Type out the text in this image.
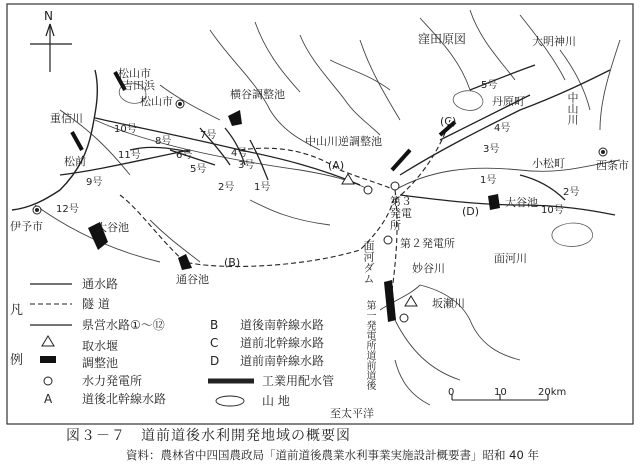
N
窪田原図
松山市
吉田浜
松山市
重信川
松前
伊予市	大谷池
通谷池
大谷池
横谷調整池
中山川逆調整池
第３発電所
第２発電所
面河ダム
第一発電所道前道後
至太平洋
大明神川
中山川
丹原町
小松町	西条市
面河川
妙谷川
坂瀬川
10号
11号
9号
12号
8号
7号
6号
5号
4号
3号
2号 1号
5号
4号
3号
1号
2号
10号
(A)
(B)
(C)
(D)
0	10	20km
凡
例
通水路
隧 道
県営水路①〜⑫
取水堰
調整池
水力発電所
A 道後北幹線水路
B 道後南幹線水路
C 道前北幹線水路
D 道前南幹線水路
工業用配水管
山 地
図３－７　道前道後水利開発地域の概要図
資料：農林省中四国農政局「道前道後農業水利事業実施設計概要書」昭和 40 年
